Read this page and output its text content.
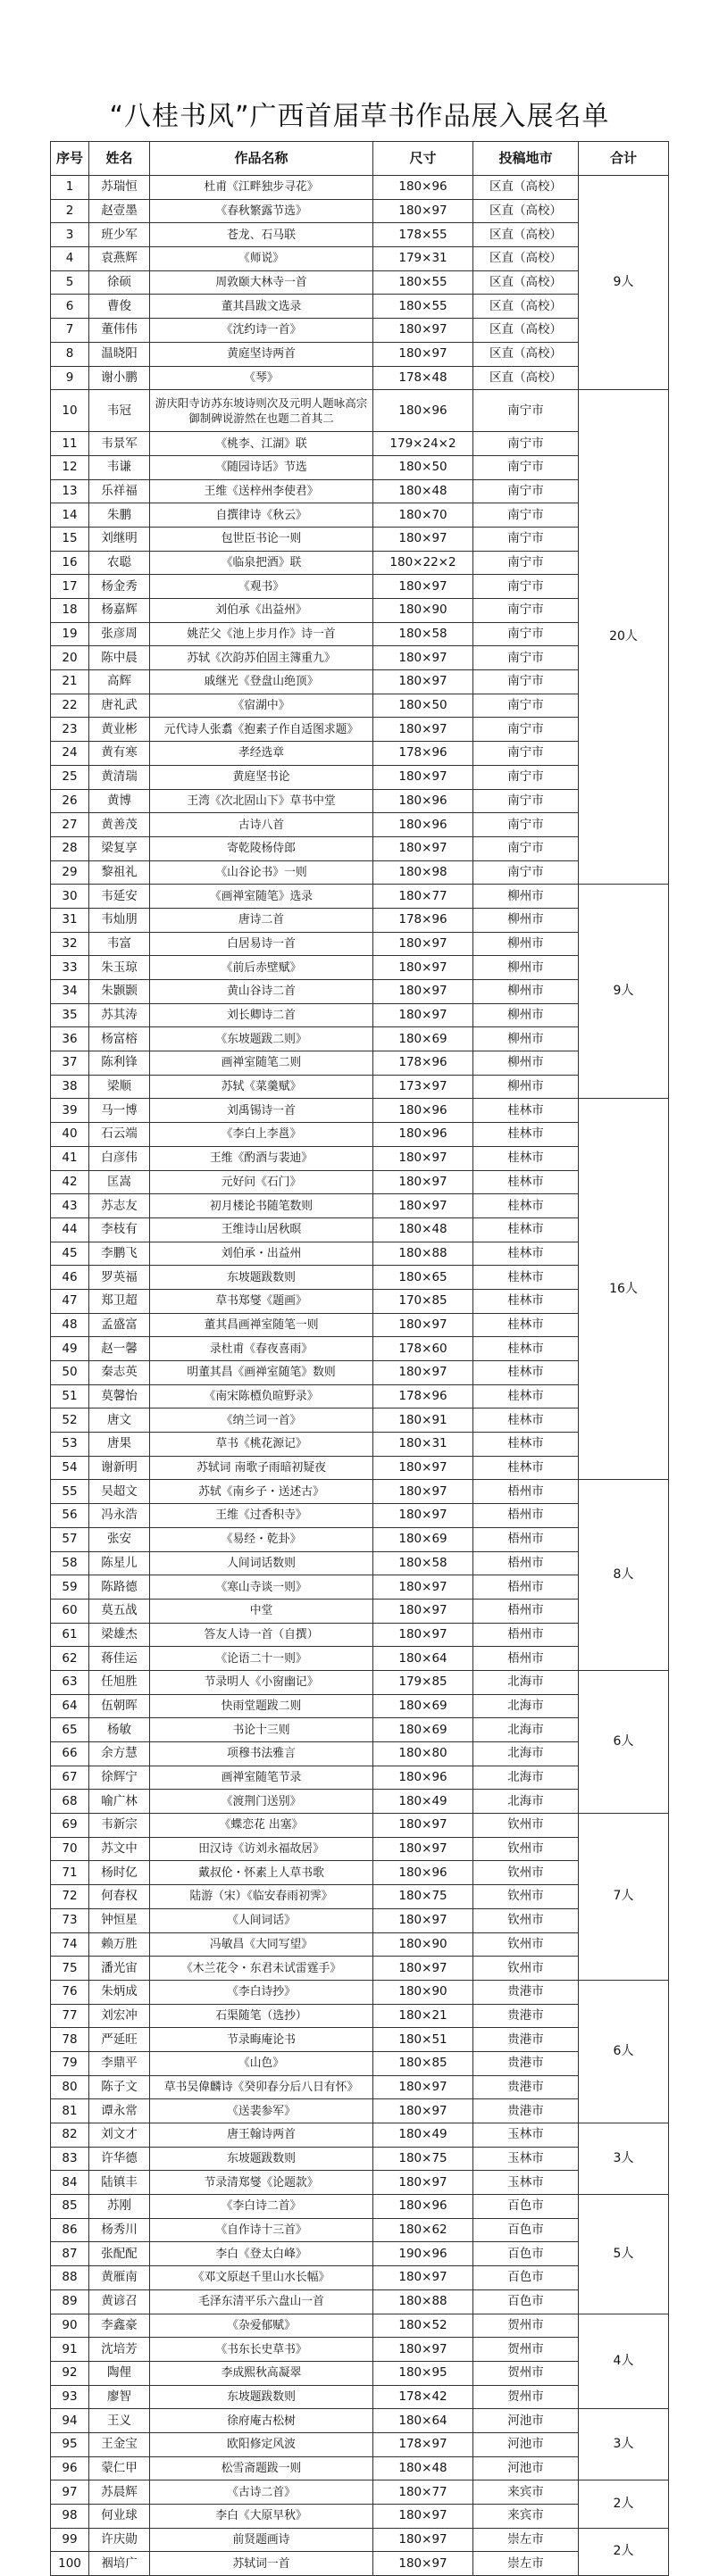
“八桂书风”广西首届草书作品展入展名单
序号	姓名	作品名称	尺寸	投稿地市	合计
1	苏瑞恒	杜甫《江畔独步寻花》	180×96	区直（高校）	9人
2	赵壹墨	《春秋繁露节选》	180×97	区直（高校）	
3	班少军	苍龙、石马联	178×55	区直（高校）	
4	袁燕辉	《师说》	179×31	区直（高校）	
5	徐硕	周敦颐大林寺一首	180×55	区直（高校）	
6	曹俊	董其昌跋文选录	180×55	区直（高校）	
7	董伟伟	《沈约诗一首》	180×97	区直（高校）	
8	温晓阳	黄庭坚诗两首	180×97	区直（高校）	
9	谢小鹏	《琴》	178×48	区直（高校）	
10	韦冠	游庆阳寺访苏东坡诗则次及元明人题咏高宗御制碑说游然在也题二首其二	180×96	南宁市	20人
11	韦景军	《桃李、江湖》联	179×24×2	南宁市	
12	韦谦	《随园诗话》节选	180×50	南宁市	
13	乐祥福	王维《送梓州李使君》	180×48	南宁市	
14	朱鹏	自撰律诗《秋云》	180×70	南宁市	
15	刘继明	包世臣书论一则	180×97	南宁市	
16	农聪	《临泉把酒》联	180×22×2	南宁市	
17	杨金秀	《观书》	180×97	南宁市	
18	杨嘉辉	刘伯承《出益州》	180×90	南宁市	
19	张彦周	姚茫父《池上步月作》诗一首	180×58	南宁市	
20	陈中晨	苏轼《次韵苏伯固主簿重九》	180×97	南宁市	
21	高辉	戚继光《登盘山绝顶》	180×97	南宁市	
22	唐礼武	《宿湖中》	180×50	南宁市	
23	黄业彬	元代诗人张翥《抱素子作自适图求题》	180×97	南宁市	
24	黄有寒	孝经选章	178×96	南宁市	
25	黄清瑞	黄庭坚书论	180×97	南宁市	
26	黄博	王湾《次北固山下》草书中堂	180×96	南宁市	
27	黄善茂	古诗八首	180×96	南宁市	
28	梁复享	寄乾陵杨侍郎	180×97	南宁市	
29	黎祖礼	《山谷论书》一则	180×98	南宁市	
30	韦延安	《画禅室随笔》选录	180×77	柳州市	9人
31	韦灿朋	唐诗二首	178×96	柳州市	
32	韦富	白居易诗一首	180×97	柳州市	
33	朱玉琼	《前后赤壁赋》	180×97	柳州市	
34	朱颢颢	黄山谷诗二首	180×97	柳州市	
35	苏其涛	刘长卿诗二首	180×97	柳州市	
36	杨富榕	《东坡题跋二则》	180×69	柳州市	
37	陈利锋	画禅室随笔二则	178×96	柳州市	
38	梁顺	苏轼《菜羹赋》	173×97	柳州市	
39	马一博	刘禹锡诗一首	180×96	桂林市	16人
40	石云端	《李白上李邕》	180×96	桂林市	
41	白彦伟	王维《酌酒与裴迪》	180×97	桂林市	
42	匡嵩	元好问《石门》	180×97	桂林市	
43	苏志友	初月楼论书随笔数则	180×97	桂林市	
44	李枝有	王维诗山居秋暝	180×48	桂林市	
45	李鹏飞	刘伯承・出益州	180×88	桂林市	
46	罗英福	东坡题跋数则	180×65	桂林市	
47	郑卫超	草书郑燮《题画》	170×85	桂林市	
48	孟盛富	董其昌画禅室随笔一则	180×97	桂林市	
49	赵一馨	录杜甫《春夜喜雨》	178×60	桂林市	
50	秦志英	明董其昌《画禅室随笔》数则	180×97	桂林市	
51	莫馨怡	《南宋陈槱负暄野录》	178×96	桂林市	
52	唐文	《纳兰词一首》	180×91	桂林市	
53	唐果	草书《桃花源记》	180×31	桂林市	
54	谢新明	苏轼词 南歌子雨暗初疑夜	180×97	桂林市	
55	吴超文	苏轼《南乡子・送述古》	180×97	梧州市	8人
56	冯永浩	王维《过香积寺》	180×97	梧州市	
57	张安	《易经・乾卦》	180×69	梧州市	
58	陈星儿	人间词话数则	180×58	梧州市	
59	陈路德	《寒山寺谈一则》	180×97	梧州市	
60	莫五战	中堂	180×97	梧州市	
61	梁雄杰	答友人诗一首（自撰）	180×97	梧州市	
62	蒋佳运	《论语二十一则》	180×64	梧州市	
63	任旭胜	节录明人《小窗幽记》	179×85	北海市	6人
64	伍朝晖	快雨堂题跋二则	180×69	北海市	
65	杨敏	书论十三则	180×69	北海市	
66	余方慧	项穆书法雅言	180×80	北海市	
67	徐辉宁	画禅室随笔节录	180×96	北海市	
68	喻广林	《渡荆门送别》	180×49	北海市	
69	韦新宗	《蝶恋花 出塞》	180×97	钦州市	7人
70	苏文中	田汉诗《访刘永福故居》	180×97	钦州市	
71	杨时亿	戴叔伦・怀素上人草书歌	180×96	钦州市	
72	何春权	陆游（宋）《临安春雨初霁》	180×75	钦州市	
73	钟恒星	《人间词话》	180×97	钦州市	
74	赖万胜	冯敏昌《大同写望》	180×90	钦州市	
75	潘光宙	《木兰花令・东君未试雷霆手》	180×97	钦州市	
76	朱炳成	《李白诗抄》	180×90	贵港市	6人
77	刘宏冲	石渠随笔（选抄）	180×21	贵港市	
78	严延旺	节录晦庵论书	180×51	贵港市	
79	李鼎平	《山色》	180×85	贵港市	
80	陈子文	草书吴偉麟诗《癸卯春分后八日有怀》	180×97	贵港市	
81	谭永常	《送裴参军》	180×97	贵港市	
82	刘文才	唐王翰诗两首	180×49	玉林市	3人
83	许华德	东坡题跋数则	180×75	玉林市	
84	陆镇丰	节录清郑燮《论题款》	180×97	玉林市	
85	苏刚	《李白诗二首》	180×96	百色市	5人
86	杨秀川	《自作诗十三首》	180×62	百色市	
87	张配配	李白《登太白峰》	190×96	百色市	
88	黄雁南	《邓文原赵千里山水长幅》	180×97	百色市	
89	黄谚召	毛泽东清平乐六盘山一首	180×88	百色市	
90	李鑫豪	《杂爱郁赋》	180×52	贺州市	4人
91	沈培芳	《书东长史草书》	180×97	贺州市	
92	陶俚	李成熙秋高凝翠	180×95	贺州市	
93	廖智	东坡题跋数则	178×42	贺州市	
94	王义	徐府庵古松树	180×64	河池市	3人
95	王金宝	欧阳修定风波	178×97	河池市	
96	蒙仁甲	松雪斋题跋一则	180×48	河池市	
97	苏晨辉	《古诗二首》	180×77	来宾市	2人
98	何业球	李白《大原早秋》	180×97	来宾市	
99	许庆勋	前贤题画诗	180×97	崇左市	2人
100	裀培广	苏轼词一首	180×97	崇左市	
